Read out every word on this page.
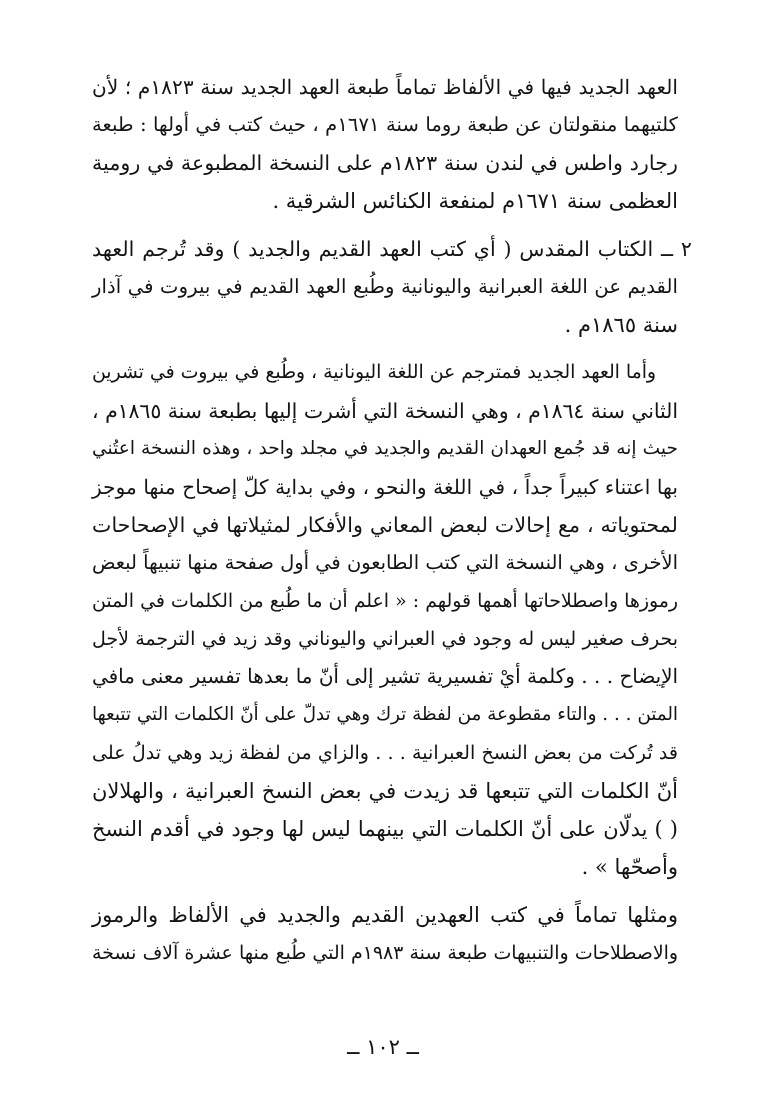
العهد الجديد فيها في الألفاظ تماماً طبعة العهد الجديد سنة ١٨٢٣م ؛ لأن
كلتيهما منقولتان عن طبعة روما سنة ١٦٧١م ، حيث كتب في أولها : طبعة
رجارد واطس في لندن سنة ١٨٢٣م على النسخة المطبوعة في رومية
العظمى سنة ١٦٧١م لمنفعة الكنائس الشرقية .
٢ ــ الكتاب المقدس ( أي كتب العهد القديم والجديد ) وقد تُرجم العهد
القديم عن اللغة العبرانية واليونانية وطُبع العهد القديم في بيروت في آذار
سنة ١٨٦٥م .
وأما العهد الجديد فمترجم عن اللغة اليونانية ، وطُبع في بيروت في تشرين
الثاني سنة ١٨٦٤م ، وهي النسخة التي أشرت إليها بطبعة سنة ١٨٦٥م ،
حيث إنه قد جُمع العهدان القديم والجديد في مجلد واحد ، وهذه النسخة اعتُني
بها اعتناء كبيراً جداً ، في اللغة والنحو ، وفي بداية كلّ إصحاح منها موجز
لمحتوياته ، مع إحالات لبعض المعاني والأفكار لمثيلاتها في الإصحاحات
الأخرى ، وهي النسخة التي كتب الطابعون في أول صفحة منها تنبيهاً لبعض
رموزها واصطلاحاتها أهمها قولهم : « اعلم أن ما طُبع من الكلمات في المتن
بحرف صغير ليس له وجود في العبراني واليوناني وقد زيد في الترجمة لأجل
الإيضاح . . . وكلمة أيْ تفسيرية تشير إلى أنّ ما بعدها تفسير معنى مافي
المتن . . . والتاء مقطوعة من لفظة ترك وهي تدلّ على أنّ الكلمات التي تتبعها
قد تُركت من بعض النسخ العبرانية . . . والزاي من لفظة زيد وهي تدلُ على
أنّ الكلمات التي تتبعها قد زيدت في بعض النسخ العبرانية ، والهلالان
( ) يدلّان على أنّ الكلمات التي بينهما ليس لها وجود في أقدم النسخ
وأصحّها » .
ومثلها تماماً في كتب العهدين القديم والجديد في الألفاظ والرموز
والاصطلاحات والتنبيهات طبعة سنة ١٩٨٣م التي طُبع منها عشرة آلاف نسخة
ــ ١٠٢ ــ
